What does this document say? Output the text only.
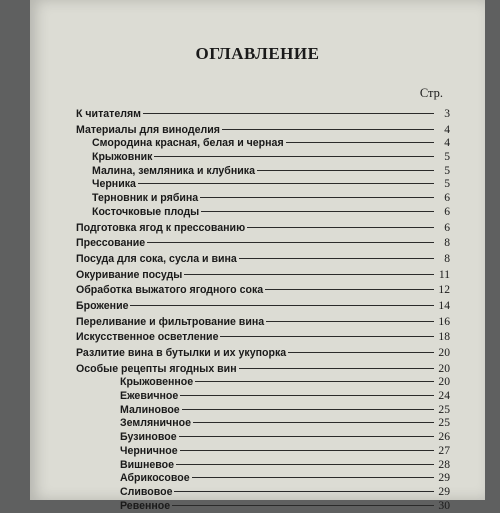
ОГЛАВЛЕНИЕ
Стр.
К читателям	3
Материалы для виноделия	4
Смородина красная, белая и черная	4
Крыжовник	5
Малина, земляника и клубника	5
Черника	5
Терновник и рябина	6
Косточковые плоды	6
Подготовка ягод к прессованию	6
Прессование	8
Посуда для сока, сусла и вина	8
Окуривание посуды	11
Обработка выжатого ягодного сока	12
Брожение	14
Переливание и фильтрование вина	16
Искусственное осветление	18
Разлитие вина в бутылки и их укупорка	20
Особые рецепты ягодных вин	20
Крыжовенное	20
Ежевичное	24
Малиновое	25
Земляничное	25
Бузиновое	26
Черничное	27
Вишневое	28
Абрикосовое	29
Сливовое	29
Ревенное	30
